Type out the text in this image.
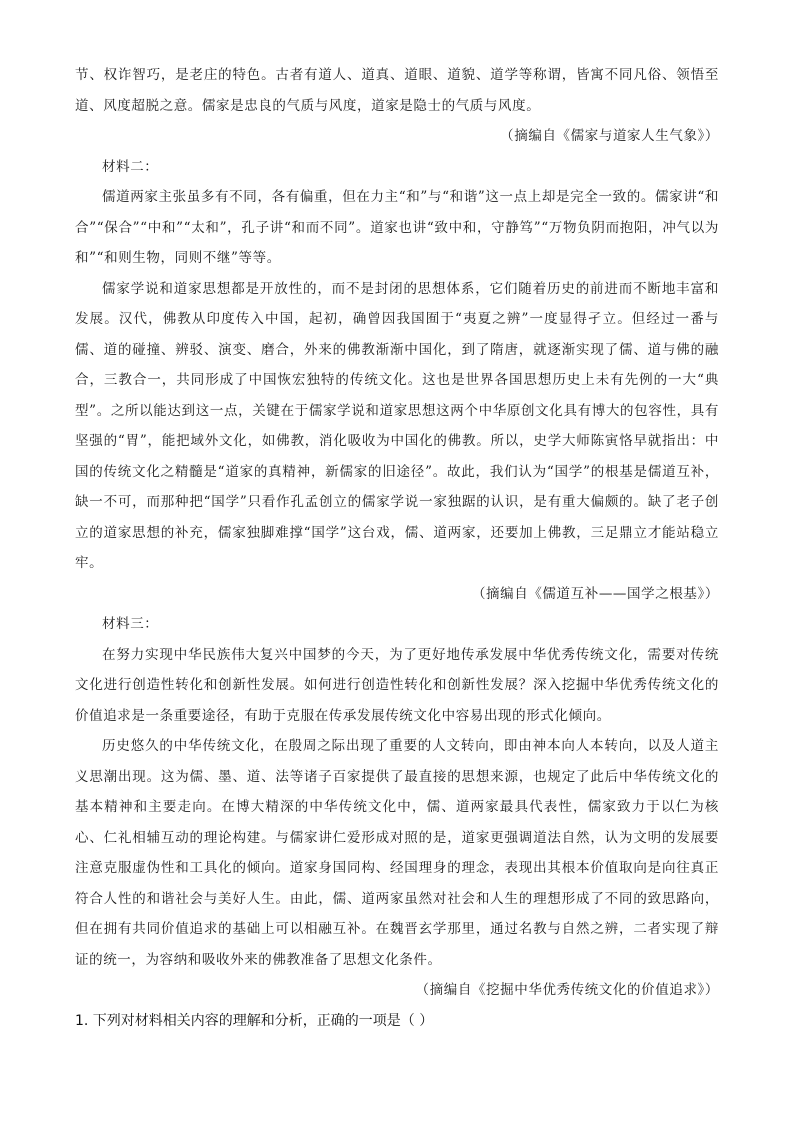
节、权诈智巧，是老庄的特色。古者有道人、道真、道眼、道貌、道学等称谓，皆寓不同凡俗、领悟至道、风度超脱之意。儒家是忠良的气质与风度，道家是隐士的气质与风度。

（摘编自《儒家与道家人生气象》）

材料二：

儒道两家主张虽多有不同，各有偏重，但在力主“和”与“和谐”这一点上却是完全一致的。儒家讲“和合”“保合”“中和”“太和”，孔子讲“和而不同”。道家也讲“致中和，守静笃”“万物负阴而抱阳，冲气以为和”“和则生物，同则不继”等等。

儒家学说和道家思想都是开放性的，而不是封闭的思想体系，它们随着历史的前进而不断地丰富和发展。汉代，佛教从印度传入中国，起初，确曾因我国囿于“夷夏之辨”一度显得孑立。但经过一番与儒、道的碰撞、辨驳、演变、磨合，外来的佛教渐渐中国化，到了隋唐，就逐渐实现了儒、道与佛的融合，三教合一，共同形成了中国恢宏独特的传统文化。这也是世界各国思想历史上未有先例的一大“典型”。之所以能达到这一点，关键在于儒家学说和道家思想这两个中华原创文化具有博大的包容性，具有坚强的“胃”，能把域外文化，如佛教，消化吸收为中国化的佛教。所以，史学大师陈寅恪早就指出：中国的传统文化之精髓是“道家的真精神，新儒家的旧途径”。故此，我们认为“国学”的根基是儒道互补，缺一不可，而那种把“国学”只看作孔孟创立的儒家学说一家独踞的认识，是有重大偏颇的。缺了老子创立的道家思想的补充，儒家独脚难撑“国学”这台戏，儒、道两家，还要加上佛教，三足鼎立才能站稳立牢。

（摘编自《儒道互补——国学之根基》）

材料三：

在努力实现中华民族伟大复兴中国梦的今天，为了更好地传承发展中华优秀传统文化，需要对传统文化进行创造性转化和创新性发展。如何进行创造性转化和创新性发展？深入挖掘中华优秀传统文化的价值追求是一条重要途径，有助于克服在传承发展传统文化中容易出现的形式化倾向。

历史悠久的中华传统文化，在殷周之际出现了重要的人文转向，即由神本向人本转向，以及人道主义思潮出现。这为儒、墨、道、法等诸子百家提供了最直接的思想来源，也规定了此后中华传统文化的基本精神和主要走向。在博大精深的中华传统文化中，儒、道两家最具代表性，儒家致力于以仁为核心、仁礼相辅互动的理论构建。与儒家讲仁爱形成对照的是，道家更强调道法自然，认为文明的发展要注意克服虚伪性和工具化的倾向。道家身国同构、经国理身的理念，表现出其根本价值取向是向往真正符合人性的和谐社会与美好人生。由此，儒、道两家虽然对社会和人生的理想形成了不同的致思路向，但在拥有共同价值追求的基础上可以相融互补。在魏晋玄学那里，通过名教与自然之辨，二者实现了辩证的统一，为容纳和吸收外来的佛教准备了思想文化条件。

（摘编自《挖掘中华优秀传统文化的价值追求》）

1. 下列对材料相关内容的理解和分析，正确的一项是（ ）
